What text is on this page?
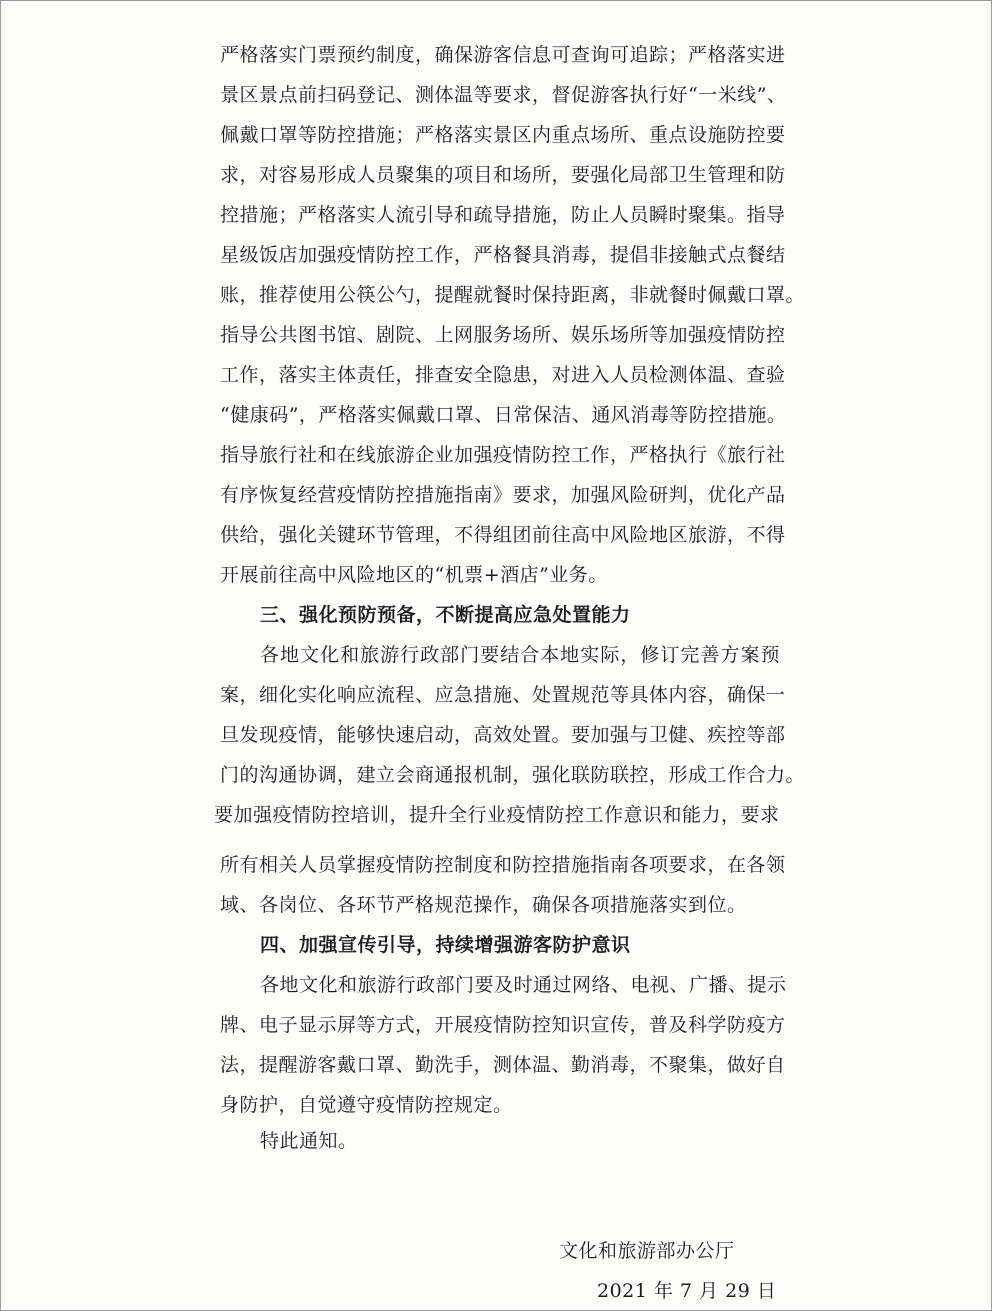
严格落实门票预约制度，确保游客信息可查询可追踪；严格落实进
景区景点前扫码登记、测体温等要求，督促游客执行好“一米线”、
佩戴口罩等防控措施；严格落实景区内重点场所、重点设施防控要
求，对容易形成人员聚集的项目和场所，要强化局部卫生管理和防
控措施；严格落实人流引导和疏导措施，防止人员瞬时聚集。指导
星级饭店加强疫情防控工作，严格餐具消毒，提倡非接触式点餐结
账，推荐使用公筷公勺，提醒就餐时保持距离，非就餐时佩戴口罩。
指导公共图书馆、剧院、上网服务场所、娱乐场所等加强疫情防控
工作，落实主体责任，排查安全隐患，对进入人员检测体温、查验
“健康码”，严格落实佩戴口罩、日常保洁、通风消毒等防控措施。
指导旅行社和在线旅游企业加强疫情防控工作，严格执行《旅行社
有序恢复经营疫情防控措施指南》要求，加强风险研判，优化产品
供给，强化关键环节管理，不得组团前往高中风险地区旅游，不得
开展前往高中风险地区的“机票+酒店”业务。
三、强化预防预备，不断提高应急处置能力
各地文化和旅游行政部门要结合本地实际，修订完善方案预
案，细化实化响应流程、应急措施、处置规范等具体内容，确保一
旦发现疫情，能够快速启动，高效处置。要加强与卫健、疾控等部
门的沟通协调，建立会商通报机制，强化联防联控，形成工作合力。
要加强疫情防控培训，提升全行业疫情防控工作意识和能力，要求
所有相关人员掌握疫情防控制度和防控措施指南各项要求，在各领
域、各岗位、各环节严格规范操作，确保各项措施落实到位。
四、加强宣传引导，持续增强游客防护意识
各地文化和旅游行政部门要及时通过网络、电视、广播、提示
牌、电子显示屏等方式，开展疫情防控知识宣传，普及科学防疫方
法，提醒游客戴口罩、勤洗手，测体温、勤消毒，不聚集，做好自
身防护，自觉遵守疫情防控规定。
特此通知。
文化和旅游部办公厅
2021 年 7 月 29 日
